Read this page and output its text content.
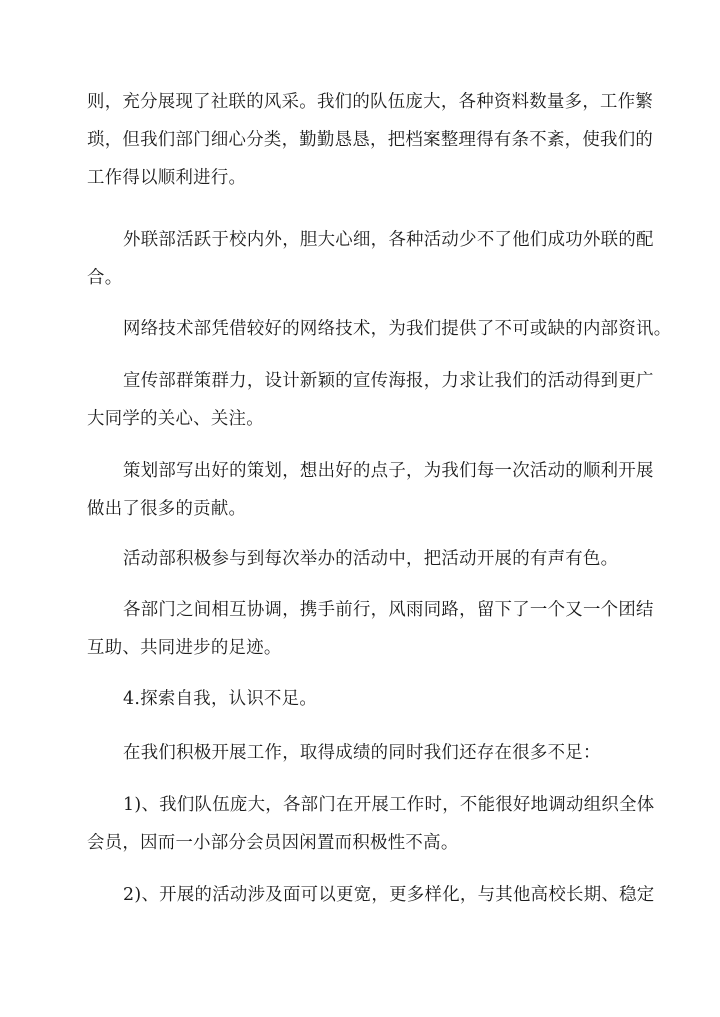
则，充分展现了社联的风采。我们的队伍庞大，各种资料数量多，工作繁
琐，但我们部门细心分类，勤勤恳恳，把档案整理得有条不紊，使我们的
工作得以顺利进行。

外联部活跃于校内外，胆大心细，各种活动少不了他们成功外联的配
合。

网络技术部凭借较好的网络技术，为我们提供了不可或缺的内部资讯。

宣传部群策群力，设计新颖的宣传海报，力求让我们的活动得到更广
大同学的关心、关注。

策划部写出好的策划，想出好的点子，为我们每一次活动的顺利开展
做出了很多的贡献。

活动部积极参与到每次举办的活动中，把活动开展的有声有色。

各部门之间相互协调，携手前行，风雨同路，留下了一个又一个团结
互助、共同进步的足迹。

4.探索自我，认识不足。

在我们积极开展工作，取得成绩的同时我们还存在很多不足：

1)、我们队伍庞大，各部门在开展工作时，不能很好地调动组织全体
会员，因而一小部分会员因闲置而积极性不高。

2)、开展的活动涉及面可以更宽，更多样化，与其他高校长期、稳定
